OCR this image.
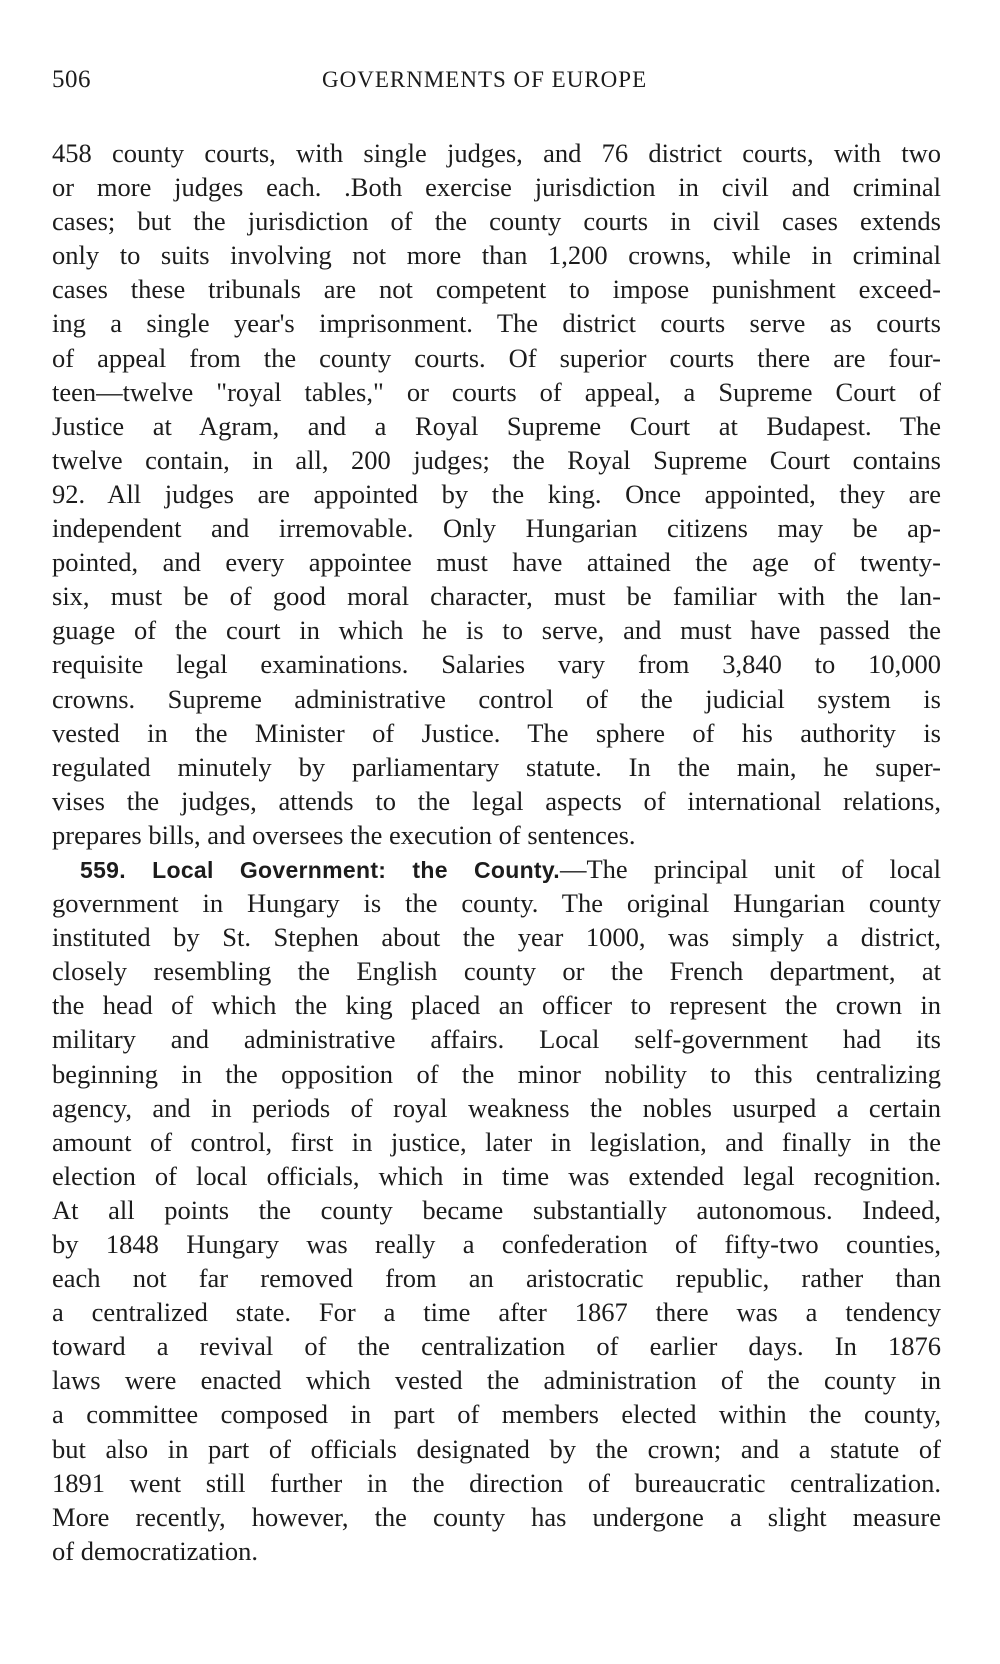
506	GOVERNMENTS OF EUROPE
458 county courts, with single judges, and 76 district courts, with two
or more judges each. .Both exercise jurisdiction in civil and criminal
cases; but the jurisdiction of the county courts in civil cases extends
only to suits involving not more than 1,200 crowns, while in criminal
cases these tribunals are not competent to impose punishment exceed-
ing a single year's imprisonment. The district courts serve as courts
of appeal from the county courts. Of superior courts there are four-
teen—twelve "royal tables," or courts of appeal, a Supreme Court of
Justice at Agram, and a Royal Supreme Court at Budapest. The
twelve contain, in all, 200 judges; the Royal Supreme Court contains
92. All judges are appointed by the king. Once appointed, they are
independent and irremovable. Only Hungarian citizens may be ap-
pointed, and every appointee must have attained the age of twenty-
six, must be of good moral character, must be familiar with the lan-
guage of the court in which he is to serve, and must have passed the
requisite legal examinations. Salaries vary from 3,840 to 10,000
crowns. Supreme administrative control of the judicial system is
vested in the Minister of Justice. The sphere of his authority is
regulated minutely by parliamentary statute. In the main, he super-
vises the judges, attends to the legal aspects of international relations,
prepares bills, and oversees the execution of sentences.
559. Local Government: the County.—The principal unit of local
government in Hungary is the county. The original Hungarian county
instituted by St. Stephen about the year 1000, was simply a district,
closely resembling the English county or the French department, at
the head of which the king placed an officer to represent the crown in
military and administrative affairs. Local self-government had its
beginning in the opposition of the minor nobility to this centralizing
agency, and in periods of royal weakness the nobles usurped a certain
amount of control, first in justice, later in legislation, and finally in the
election of local officials, which in time was extended legal recognition.
At all points the county became substantially autonomous. Indeed,
by 1848 Hungary was really a confederation of fifty-two counties,
each not far removed from an aristocratic republic, rather than
a centralized state. For a time after 1867 there was a tendency
toward a revival of the centralization of earlier days. In 1876
laws were enacted which vested the administration of the county in
a committee composed in part of members elected within the county,
but also in part of officials designated by the crown; and a statute of
1891 went still further in the direction of bureaucratic centralization.
More recently, however, the county has undergone a slight measure
of democratization.
